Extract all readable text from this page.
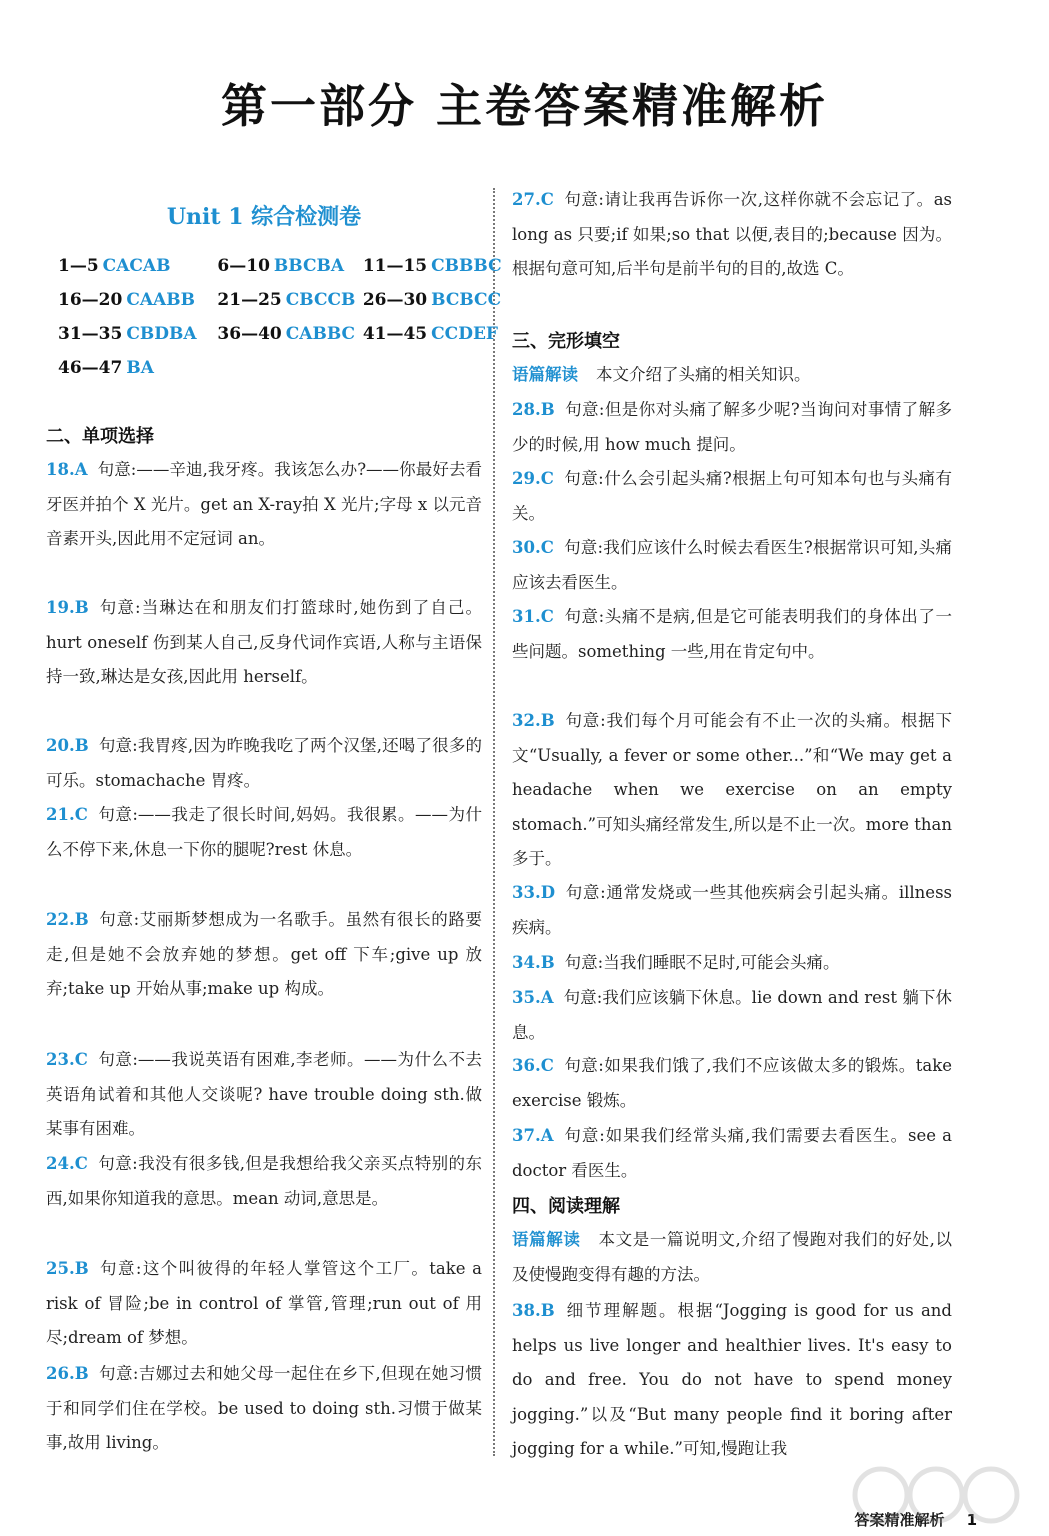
第一部分 主卷答案精准解析
Unit 1 综合检测卷
1—5 CACAB	6—10 BBCBA 11—15 CBBBC
16—20 CAABB 21—25 CBCCB 26—30 BCBCC
31—35 CBDBA 36—40 CABBC 41—45 CCDEF
46—47 BA
二、单项选择
18.A 句意:——辛迪,我牙疼。我该怎么办?——你最好去看牙医并拍个 X 光片。get an X-ray拍 X 光片;字母 x 以元音音素开头,因此用不定冠词 an。
19.B 句意:当琳达在和朋友们打篮球时,她伤到了自己。hurt oneself 伤到某人自己,反身代词作宾语,人称与主语保持一致,琳达是女孩,因此用 herself。
20.B 句意:我胃疼,因为昨晚我吃了两个汉堡,还喝了很多的可乐。stomachache 胃疼。
21.C 句意:——我走了很长时间,妈妈。我很累。——为什么不停下来,休息一下你的腿呢?rest 休息。
22.B 句意:艾丽斯梦想成为一名歌手。虽然有很长的路要走,但是她不会放弃她的梦想。get off 下车;give up 放弃;take up 开始从事;make up 构成。
23.C 句意:——我说英语有困难,李老师。——为什么不去英语角试着和其他人交谈呢? have trouble doing sth.做某事有困难。
24.C 句意:我没有很多钱,但是我想给我父亲买点特别的东西,如果你知道我的意思。mean 动词,意思是。
25.B 句意:这个叫彼得的年轻人掌管这个工厂。take a risk of 冒险;be in control of 掌管,管理;run out of 用尽;dream of 梦想。
26.B 句意:吉娜过去和她父母一起住在乡下,但现在她习惯于和同学们住在学校。be used to doing sth.习惯于做某事,故用 living。
27.C 句意:请让我再告诉你一次,这样你就不会忘记了。as long as 只要;if 如果;so that 以便,表目的;because 因为。根据句意可知,后半句是前半句的目的,故选 C。
三、完形填空
语篇解读 本文介绍了头痛的相关知识。
28.B 句意:但是你对头痛了解多少呢?当询问对事情了解多少的时候,用 how much 提问。
29.C 句意:什么会引起头痛?根据上句可知本句也与头痛有关。
30.C 句意:我们应该什么时候去看医生?根据常识可知,头痛应该去看医生。
31.C 句意:头痛不是病,但是它可能表明我们的身体出了一些问题。something 一些,用在肯定句中。
32.B 句意:我们每个月可能会有不止一次的头痛。根据下文“Usually, a fever or some other...”和“We may get a headache when we exercise on an empty stomach.”可知头痛经常发生,所以是不止一次。more than 多于。
33.D 句意:通常发烧或一些其他疾病会引起头痛。illness 疾病。
34.B 句意:当我们睡眠不足时,可能会头痛。
35.A 句意:我们应该躺下休息。lie down and rest 躺下休息。
36.C 句意:如果我们饿了,我们不应该做太多的锻炼。take exercise 锻炼。
37.A 句意:如果我们经常头痛,我们需要去看医生。see a doctor 看医生。
四、阅读理解
语篇解读 本文是一篇说明文,介绍了慢跑对我们的好处,以及使慢跑变得有趣的方法。
38.B 细节理解题。根据“Jogging is good for us and helps us live longer and healthier lives. It's easy to do and free. You do not have to spend money jogging.”以及“But many people find it boring after jogging for a while.”可知,慢跑让我
答案精准解析 1
